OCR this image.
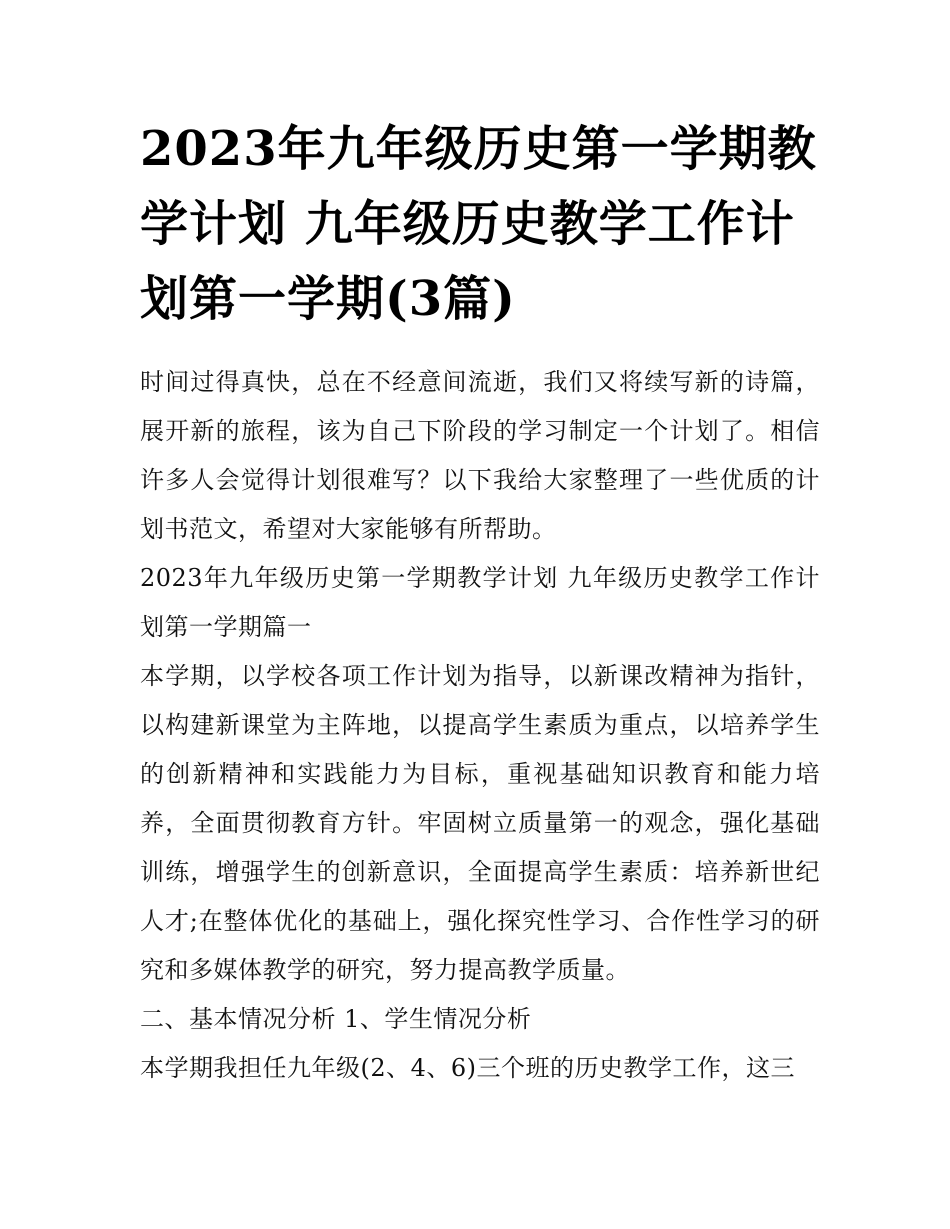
2023年九年级历史第一学期教学计划 九年级历史教学工作计划第一学期(3篇)

时间过得真快，总在不经意间流逝，我们又将续写新的诗篇，展开新的旅程，该为自己下阶段的学习制定一个计划了。相信许多人会觉得计划很难写？以下我给大家整理了一些优质的计划书范文，希望对大家能够有所帮助。

2023年九年级历史第一学期教学计划 九年级历史教学工作计划第一学期篇一

本学期，以学校各项工作计划为指导，以新课改精神为指针，以构建新课堂为主阵地，以提高学生素质为重点，以培养学生的创新精神和实践能力为目标，重视基础知识教育和能力培养，全面贯彻教育方针。牢固树立质量第一的观念，强化基础训练，增强学生的创新意识，全面提高学生素质：培养新世纪人才;在整体优化的基础上，强化探究性学习、合作性学习的研究和多媒体教学的研究，努力提高教学质量。

二、基本情况分析 1、学生情况分析

本学期我担任九年级(2、4、6)三个班的历史教学工作，这三
